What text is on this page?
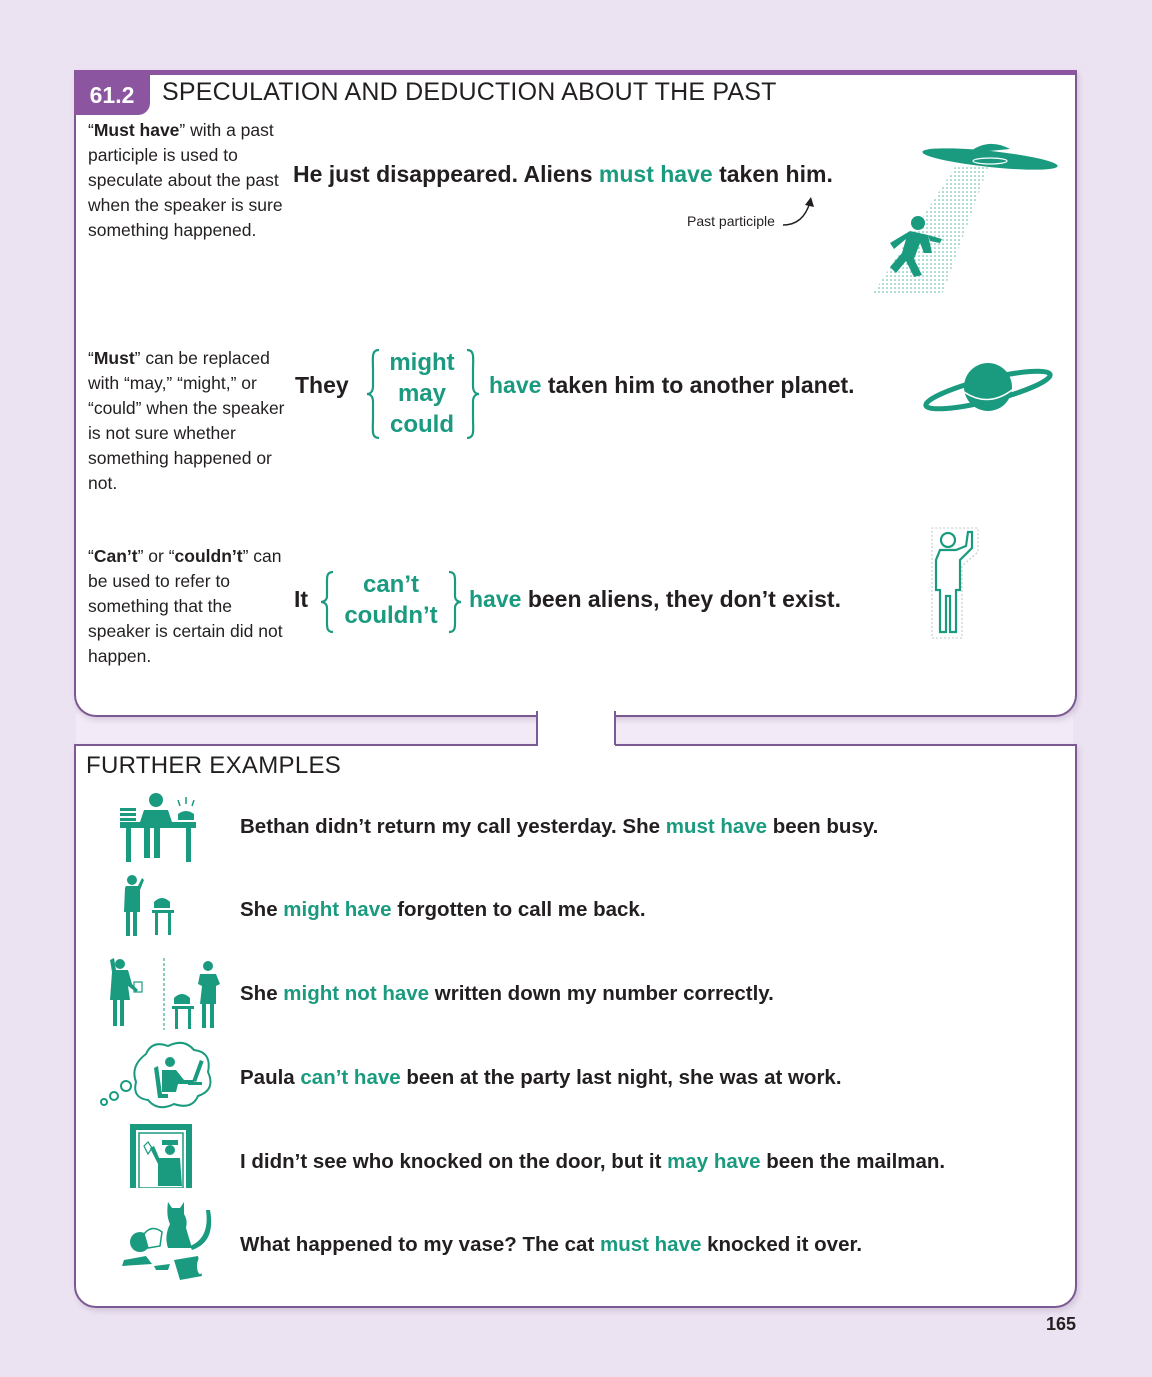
61.2	SPECULATION AND DEDUCTION ABOUT THE PAST
“Must have” with a past participle is used to speculate about the past when the speaker is sure something happened.
He just disappeared. Aliens must have taken him.
Past participle
“Must” can be replaced with “may,” “might,” or “could” when the speaker is not sure whether something happened or not.
They
might
may
could
have taken him to another planet.
“Can’t” or “couldn’t” can be used to refer to something that the speaker is certain did not happen.
It
can’t
couldn’t
have been aliens, they don’t exist.
FURTHER EXAMPLES
Bethan didn’t return my call yesterday. She must have been busy.
She might have forgotten to call me back.
She might not have written down my number correctly.
Paula can’t have been at the party last night, she was at work.
I didn’t see who knocked on the door, but it may have been the mailman.
What happened to my vase? The cat must have knocked it over.
165
